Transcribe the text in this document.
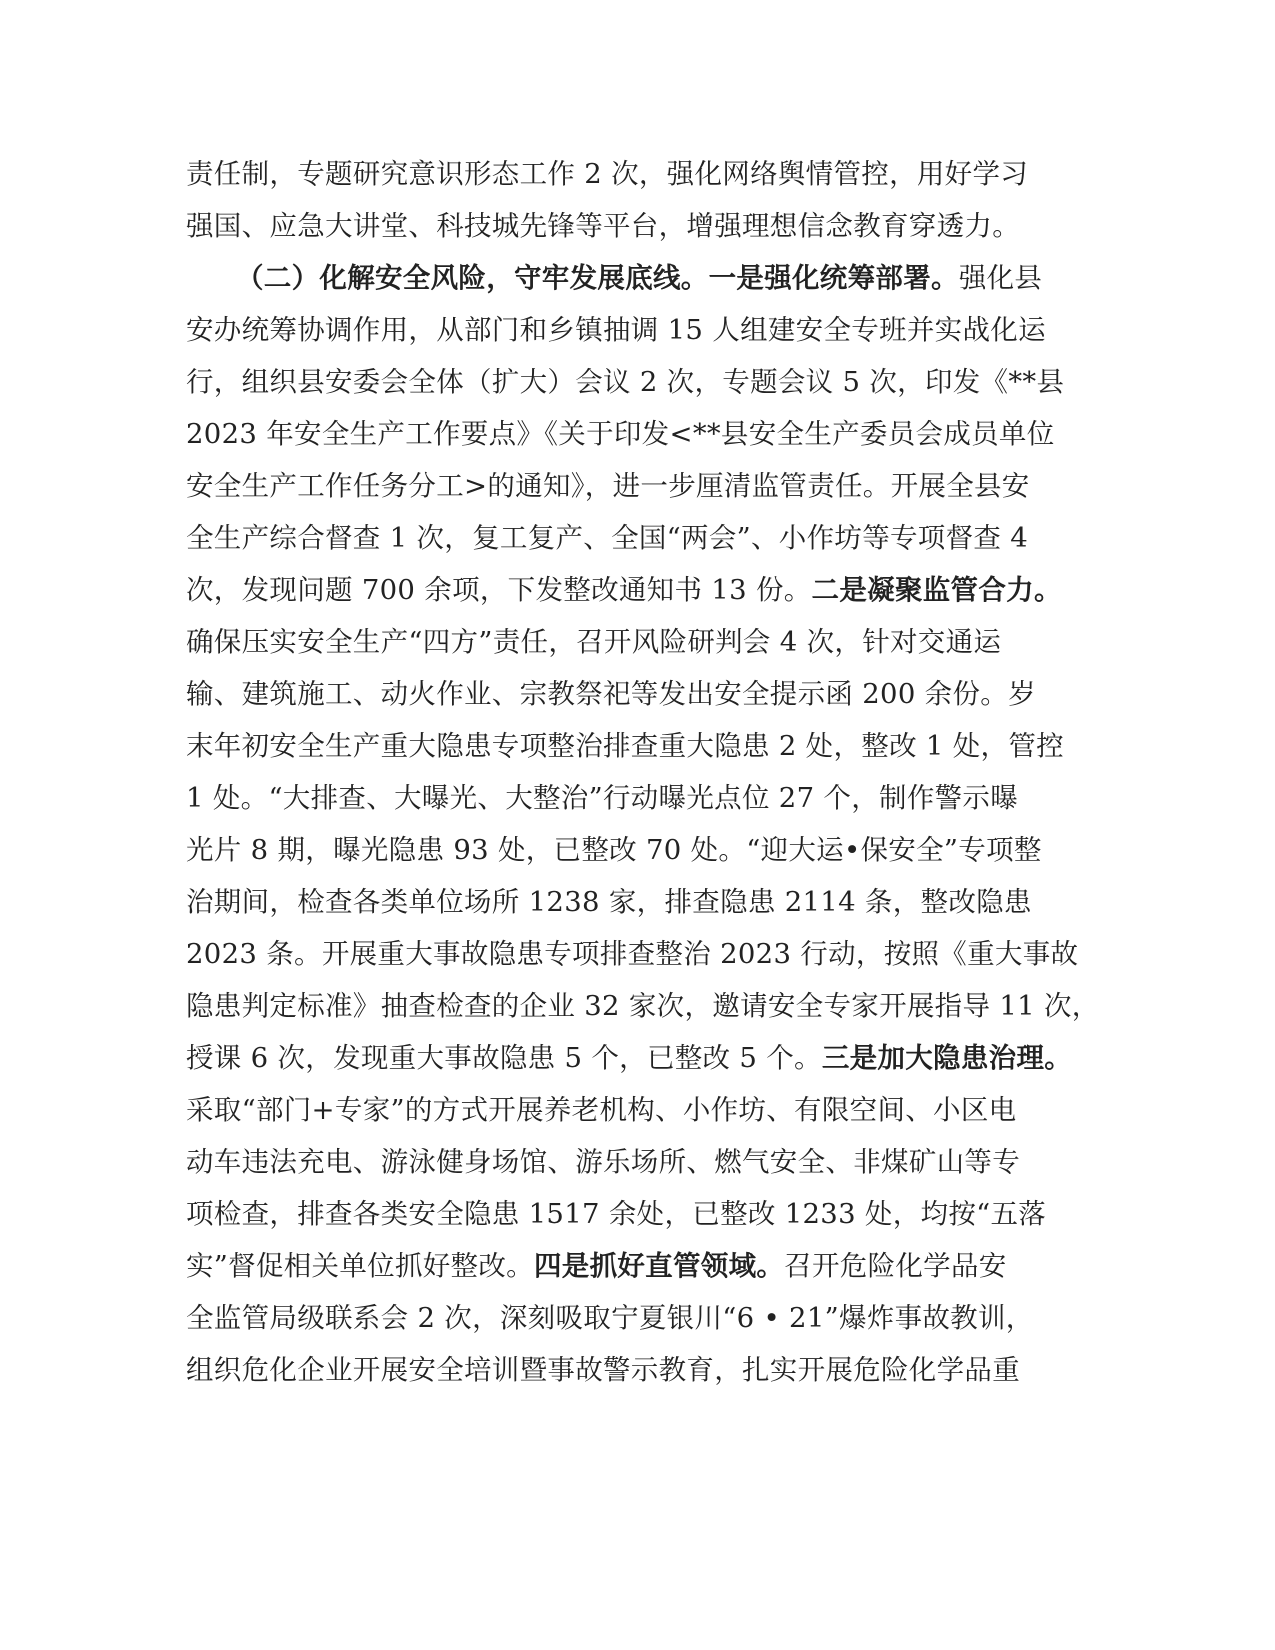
责任制，专题研究意识形态工作 2 次，强化网络舆情管控，用好学习
强国、应急大讲堂、科技城先锋等平台，增强理想信念教育穿透力。
（二）化解安全风险，守牢发展底线。一是强化统筹部署。强化县
安办统筹协调作用，从部门和乡镇抽调 15 人组建安全专班并实战化运
行，组织县安委会全体（扩大）会议 2 次，专题会议 5 次，印发《**县
2023 年安全生产工作要点》《关于印发<**县安全生产委员会成员单位
安全生产工作任务分工>的通知》，进一步厘清监管责任。开展全县安
全生产综合督查 1 次，复工复产、全国“两会”、小作坊等专项督查 4
次，发现问题 700 余项，下发整改通知书 13 份。二是凝聚监管合力。
确保压实安全生产“四方”责任，召开风险研判会 4 次，针对交通运
输、建筑施工、动火作业、宗教祭祀等发出安全提示函 200 余份。岁
末年初安全生产重大隐患专项整治排查重大隐患 2 处，整改 1 处，管控
1 处。“大排查、大曝光、大整治”行动曝光点位 27 个，制作警示曝
光片 8 期，曝光隐患 93 处，已整改 70 处。“迎大运•保安全”专项整
治期间，检查各类单位场所 1238 家，排查隐患 2114 条，整改隐患
2023 条。开展重大事故隐患专项排查整治 2023 行动，按照《重大事故
隐患判定标准》抽查检查的企业 32 家次，邀请安全专家开展指导 11 次，
授课 6 次，发现重大事故隐患 5 个，已整改 5 个。三是加大隐患治理。
采取“部门+专家”的方式开展养老机构、小作坊、有限空间、小区电
动车违法充电、游泳健身场馆、游乐场所、燃气安全、非煤矿山等专
项检查，排查各类安全隐患 1517 余处，已整改 1233 处，均按“五落
实”督促相关单位抓好整改。四是抓好直管领域。召开危险化学品安
全监管局级联系会 2 次，深刻吸取宁夏银川“6 • 21”爆炸事故教训，
组织危化企业开展安全培训暨事故警示教育，扎实开展危险化学品重
